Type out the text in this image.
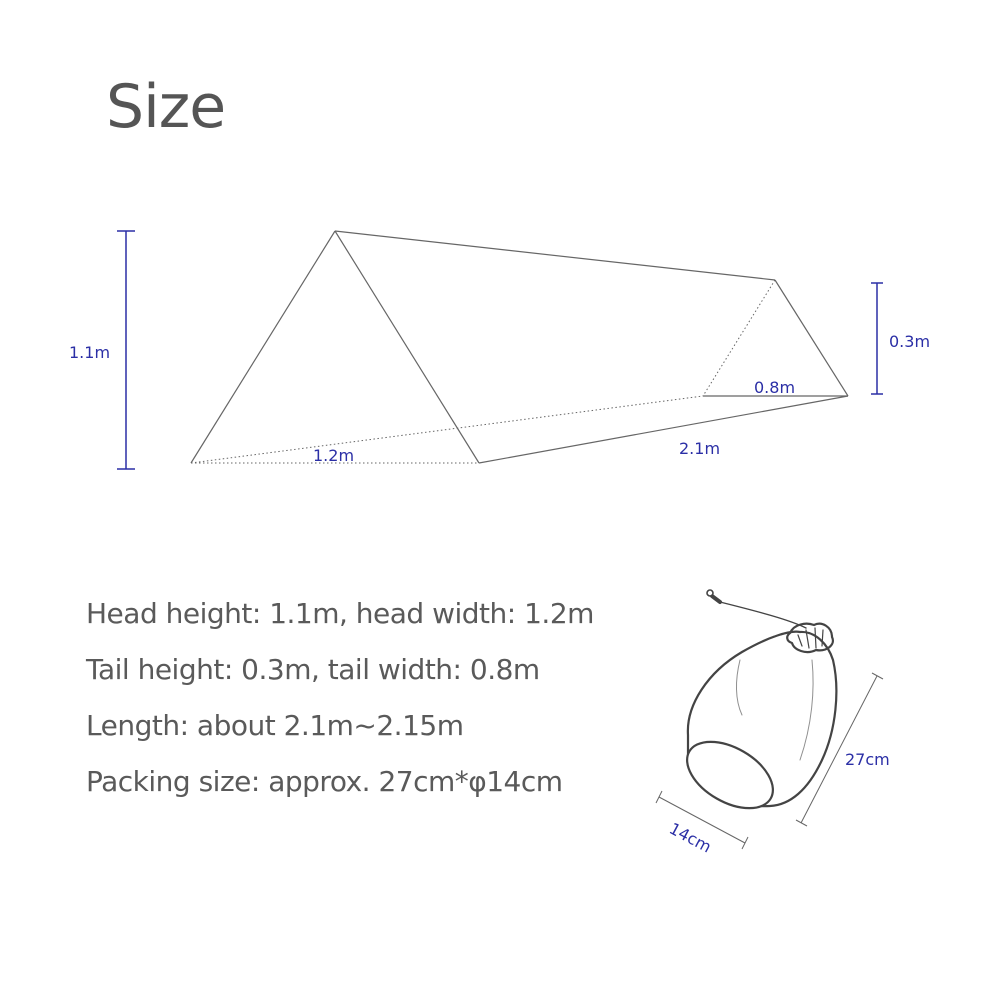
Size
1.1m
0.3m
1.2m
0.8m
2.1m
27cm
14cm
Head height: 1.1m, head width: 1.2m
Tail height: 0.3m, tail width: 0.8m
Length: about 2.1m~2.15m
Packing size: approx. 27cm*φ14cm
